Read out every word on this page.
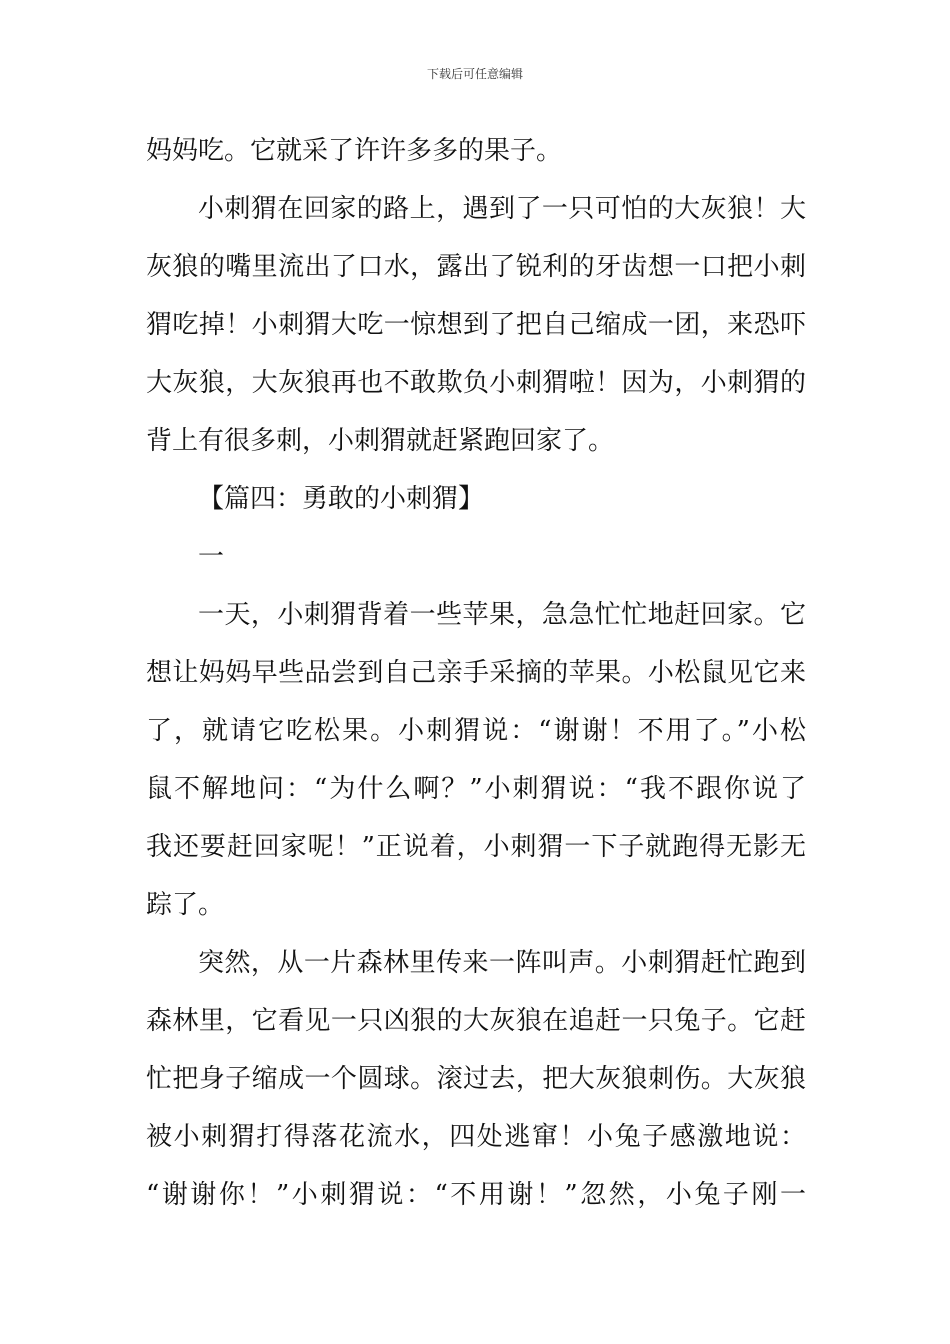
下载后可任意编辑
妈妈吃。它就采了许许多多的果子。
小刺猬在回家的路上，遇到了一只可怕的大灰狼！大
灰狼的嘴里流出了口水，露出了锐利的牙齿想一口把小刺
猬吃掉！小刺猬大吃一惊想到了把自己缩成一团，来恐吓
大灰狼，大灰狼再也不敢欺负小刺猬啦！因为，小刺猬的
背上有很多刺，小刺猬就赶紧跑回家了。
【篇四：勇敢的小刺猬】
一
一天，小刺猬背着一些苹果，急急忙忙地赶回家。它
想让妈妈早些品尝到自己亲手采摘的苹果。小松鼠见它来
了，就请它吃松果。小刺猬说：“谢谢！不用了。”小松
鼠不解地问：“为什么啊？”小刺猬说：“我不跟你说了
我还要赶回家呢！”正说着，小刺猬一下子就跑得无影无
踪了。
突然，从一片森林里传来一阵叫声。小刺猬赶忙跑到
森林里，它看见一只凶狠的大灰狼在追赶一只兔子。它赶
忙把身子缩成一个圆球。滚过去，把大灰狼刺伤。大灰狼
被小刺猬打得落花流水，四处逃窜！小兔子感激地说：
“谢谢你！”小刺猬说：“不用谢！”忽然，小兔子刚一
